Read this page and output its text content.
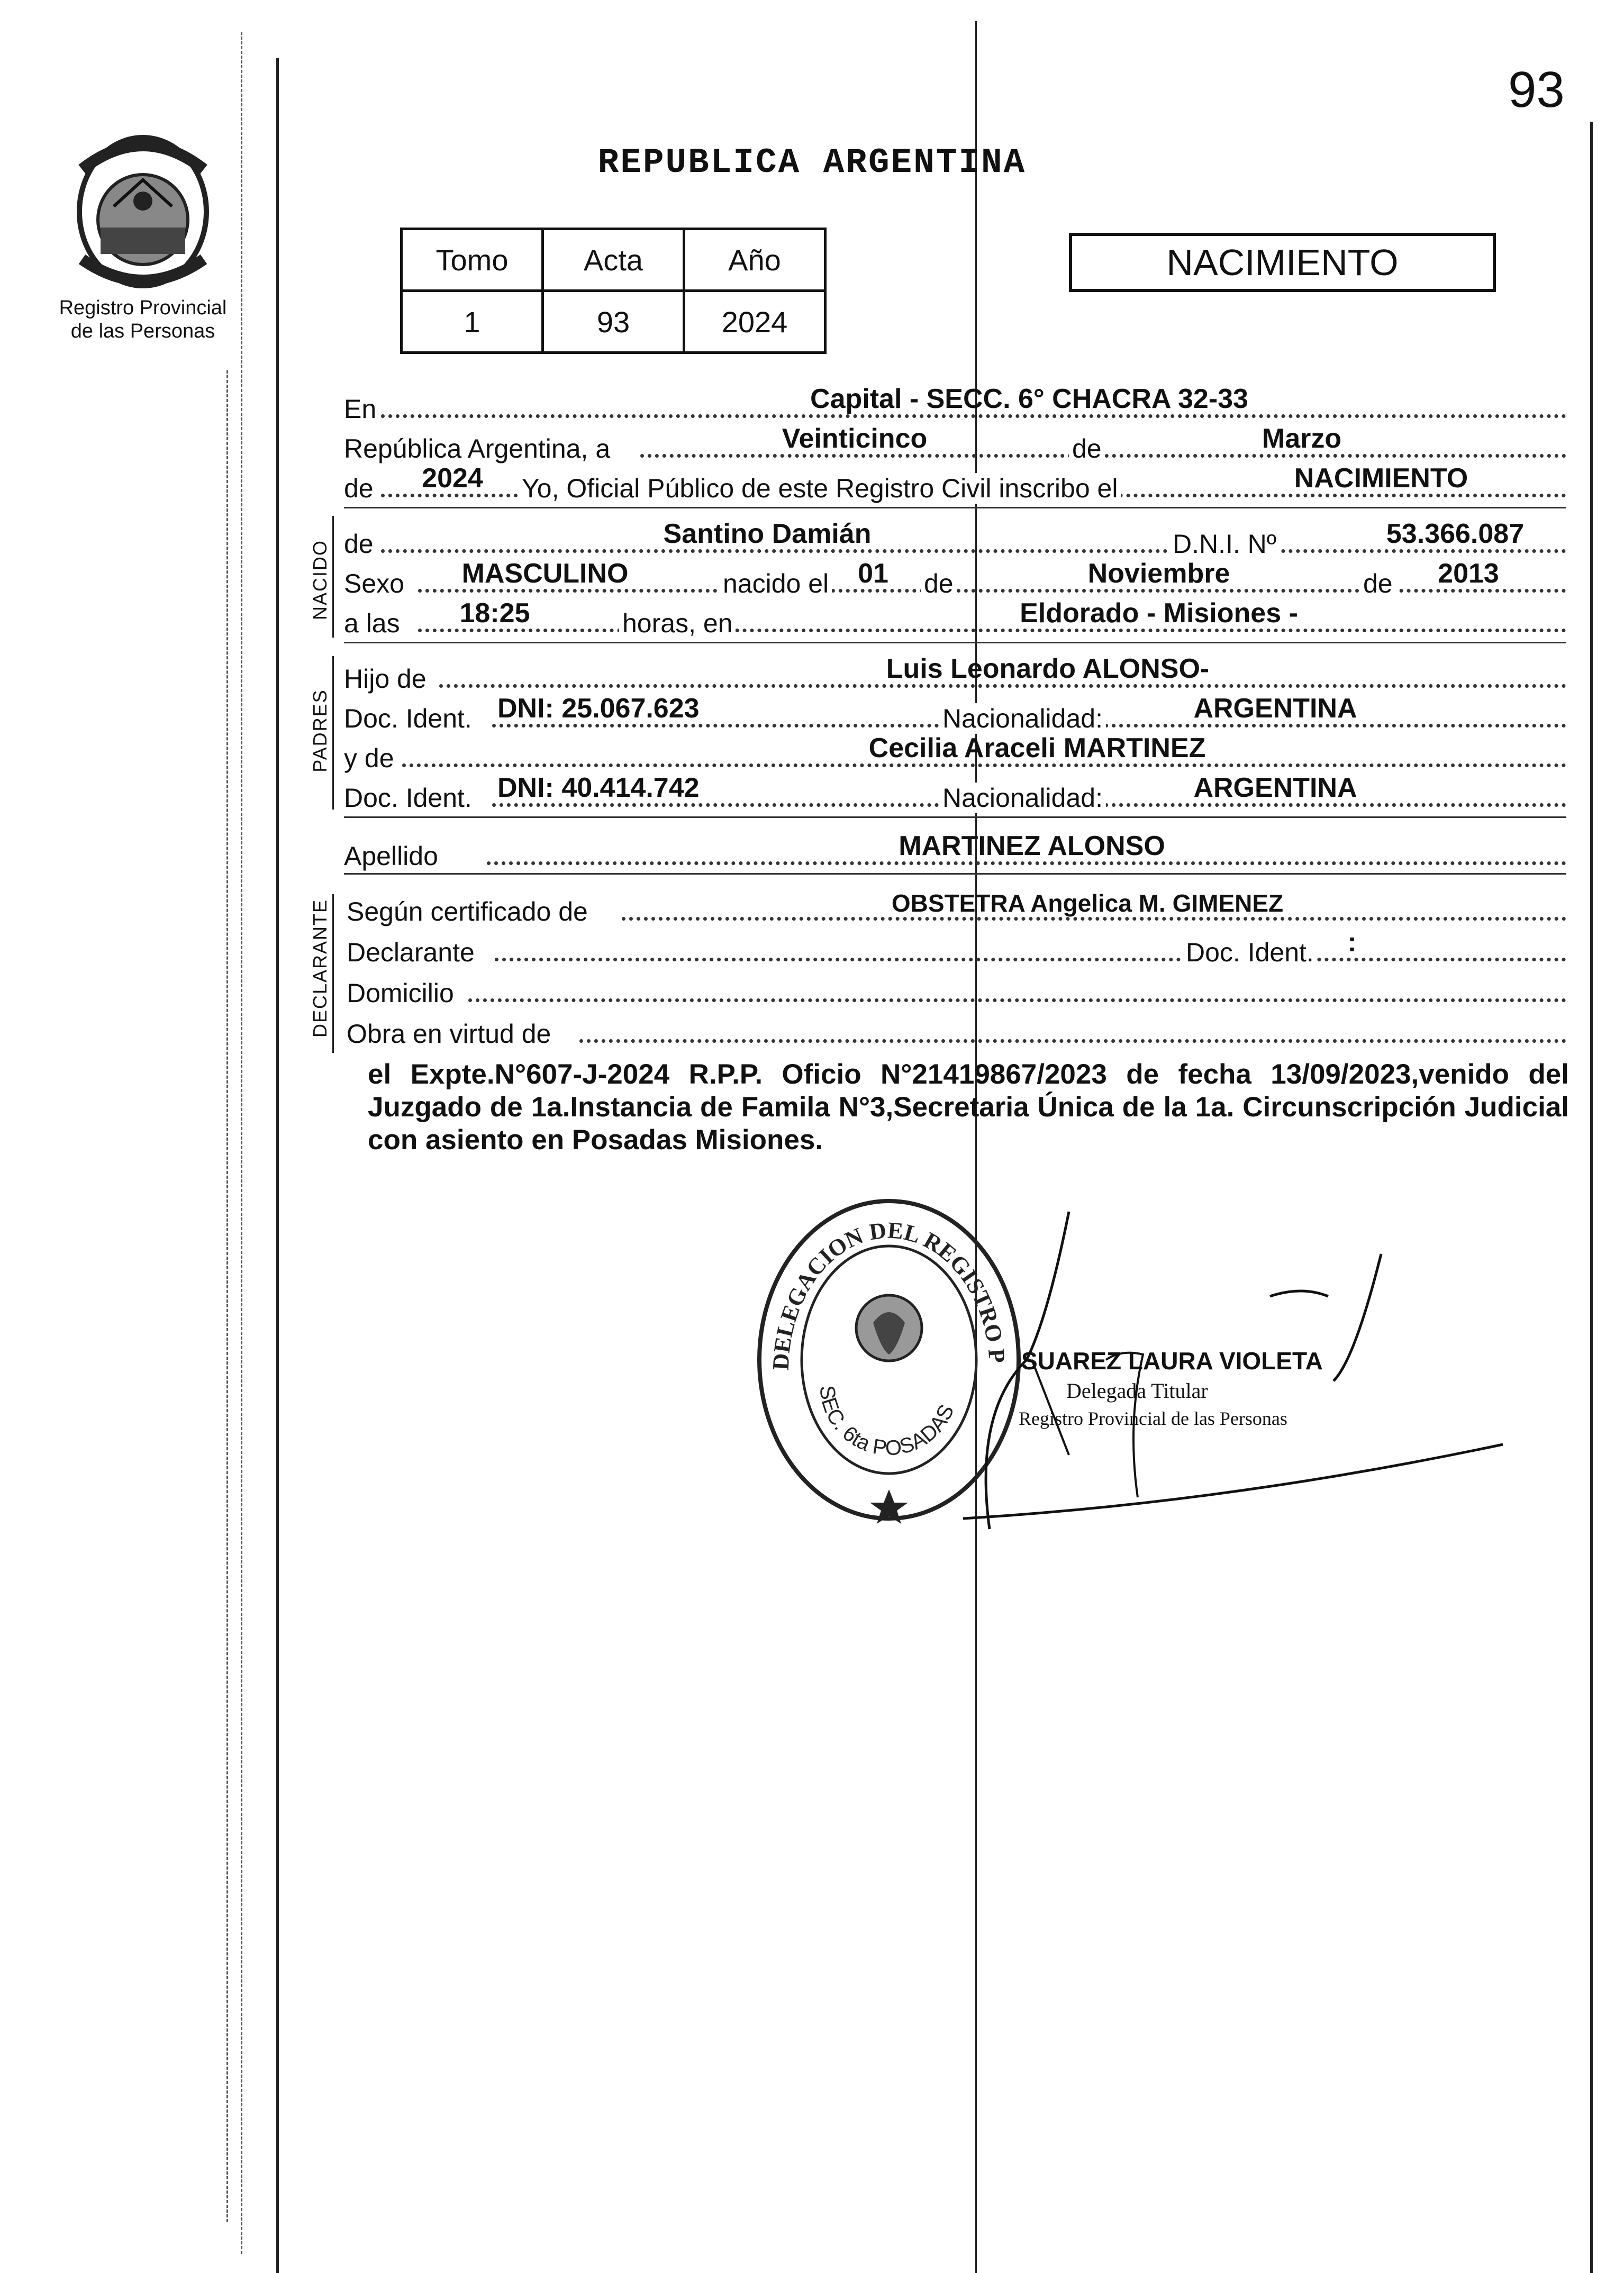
93
Registro Provincial
de las Personas
REPUBLICA ARGENTINA
Tomo	Acta	Año
1	93	2024
NACIMIENTO
En	Capital - SECC. 6° CHACRA 32-33
República Argentina, a	Veinticinco	de	Marzo
de	2024	Yo, Oficial Público de este Registro Civil inscribo el	NACIMIENTO
NACIDO de	Santino Damián	D.N.I. Nº	53.366.087
Sexo	MASCULINO	nacido el 01 de	Noviembre	de	2013
a las	18:25	horas, en	Eldorado - Misiones -
PADRES
Hijo de	Luis Leonardo ALONSO-
Doc. Ident. DNI: 25.067.623	Nacionalidad:	ARGENTINA
y de	Cecilia Araceli MARTINEZ
Doc. Ident. DNI: 40.414.742	Nacionalidad:	ARGENTINA
Apellido	MARTINEZ ALONSO
DECLARANTE Según certificado de	OBSTETRA Angelica M. GIMENEZ
Declarante	Doc. Ident. :
Domicilio
Obra en virtud de
el Expte.N°607-J-2024 R.P.P. Oficio N°21419867/2023 de fecha 13/09/2023,venido del Juzgado de 1a.Instancia de Famila N°3,Secretaria Única de la 1a. Circunscripción Judicial con asiento en Posadas Misiones.
DELEGACION DEL REGISTRO P
SEC. 6ta POSADAS
SUAREZ LAURA VIOLETA
Delegada Titular
Registro Provincial de las Personas
